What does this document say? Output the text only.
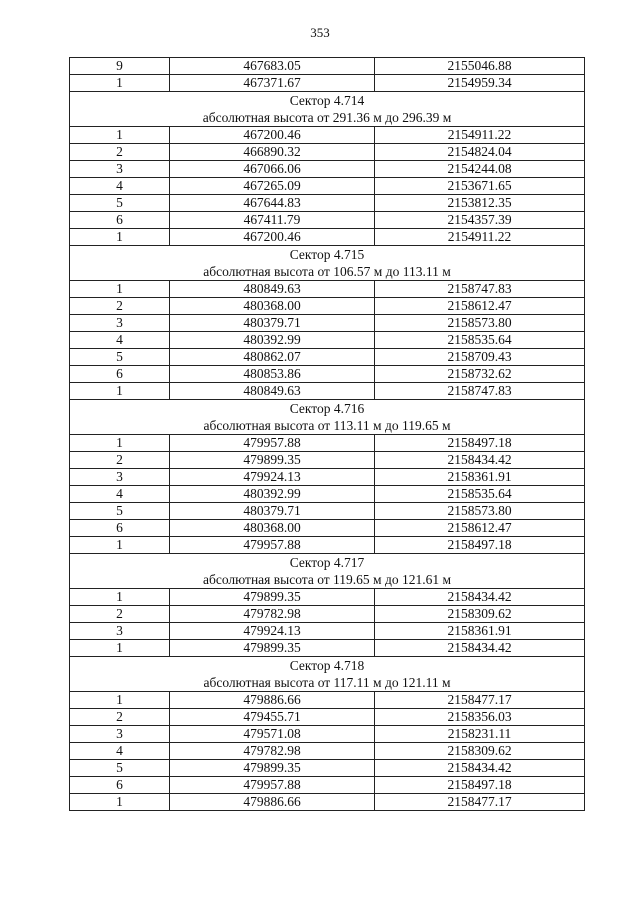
353
9	467683.05	2155046.88
1	467371.67	2154959.34
Сектор 4.714		
абсолютная высота от 291.36 м до 296.39 м		
1	467200.46	2154911.22
2	466890.32	2154824.04
3	467066.06	2154244.08
4	467265.09	2153671.65
5	467644.83	2153812.35
6	467411.79	2154357.39
1	467200.46	2154911.22
Сектор 4.715		
абсолютная высота от 106.57 м до 113.11 м		
1	480849.63	2158747.83
2	480368.00	2158612.47
3	480379.71	2158573.80
4	480392.99	2158535.64
5	480862.07	2158709.43
6	480853.86	2158732.62
1	480849.63	2158747.83
Сектор 4.716		
абсолютная высота от 113.11 м до 119.65 м		
1	479957.88	2158497.18
2	479899.35	2158434.42
3	479924.13	2158361.91
4	480392.99	2158535.64
5	480379.71	2158573.80
6	480368.00	2158612.47
1	479957.88	2158497.18
Сектор 4.717		
абсолютная высота от 119.65 м до 121.61 м		
1	479899.35	2158434.42
2	479782.98	2158309.62
3	479924.13	2158361.91
1	479899.35	2158434.42
Сектор 4.718		
абсолютная высота от 117.11 м до 121.11 м		
1	479886.66	2158477.17
2	479455.71	2158356.03
3	479571.08	2158231.11
4	479782.98	2158309.62
5	479899.35	2158434.42
6	479957.88	2158497.18
1	479886.66	2158477.17
